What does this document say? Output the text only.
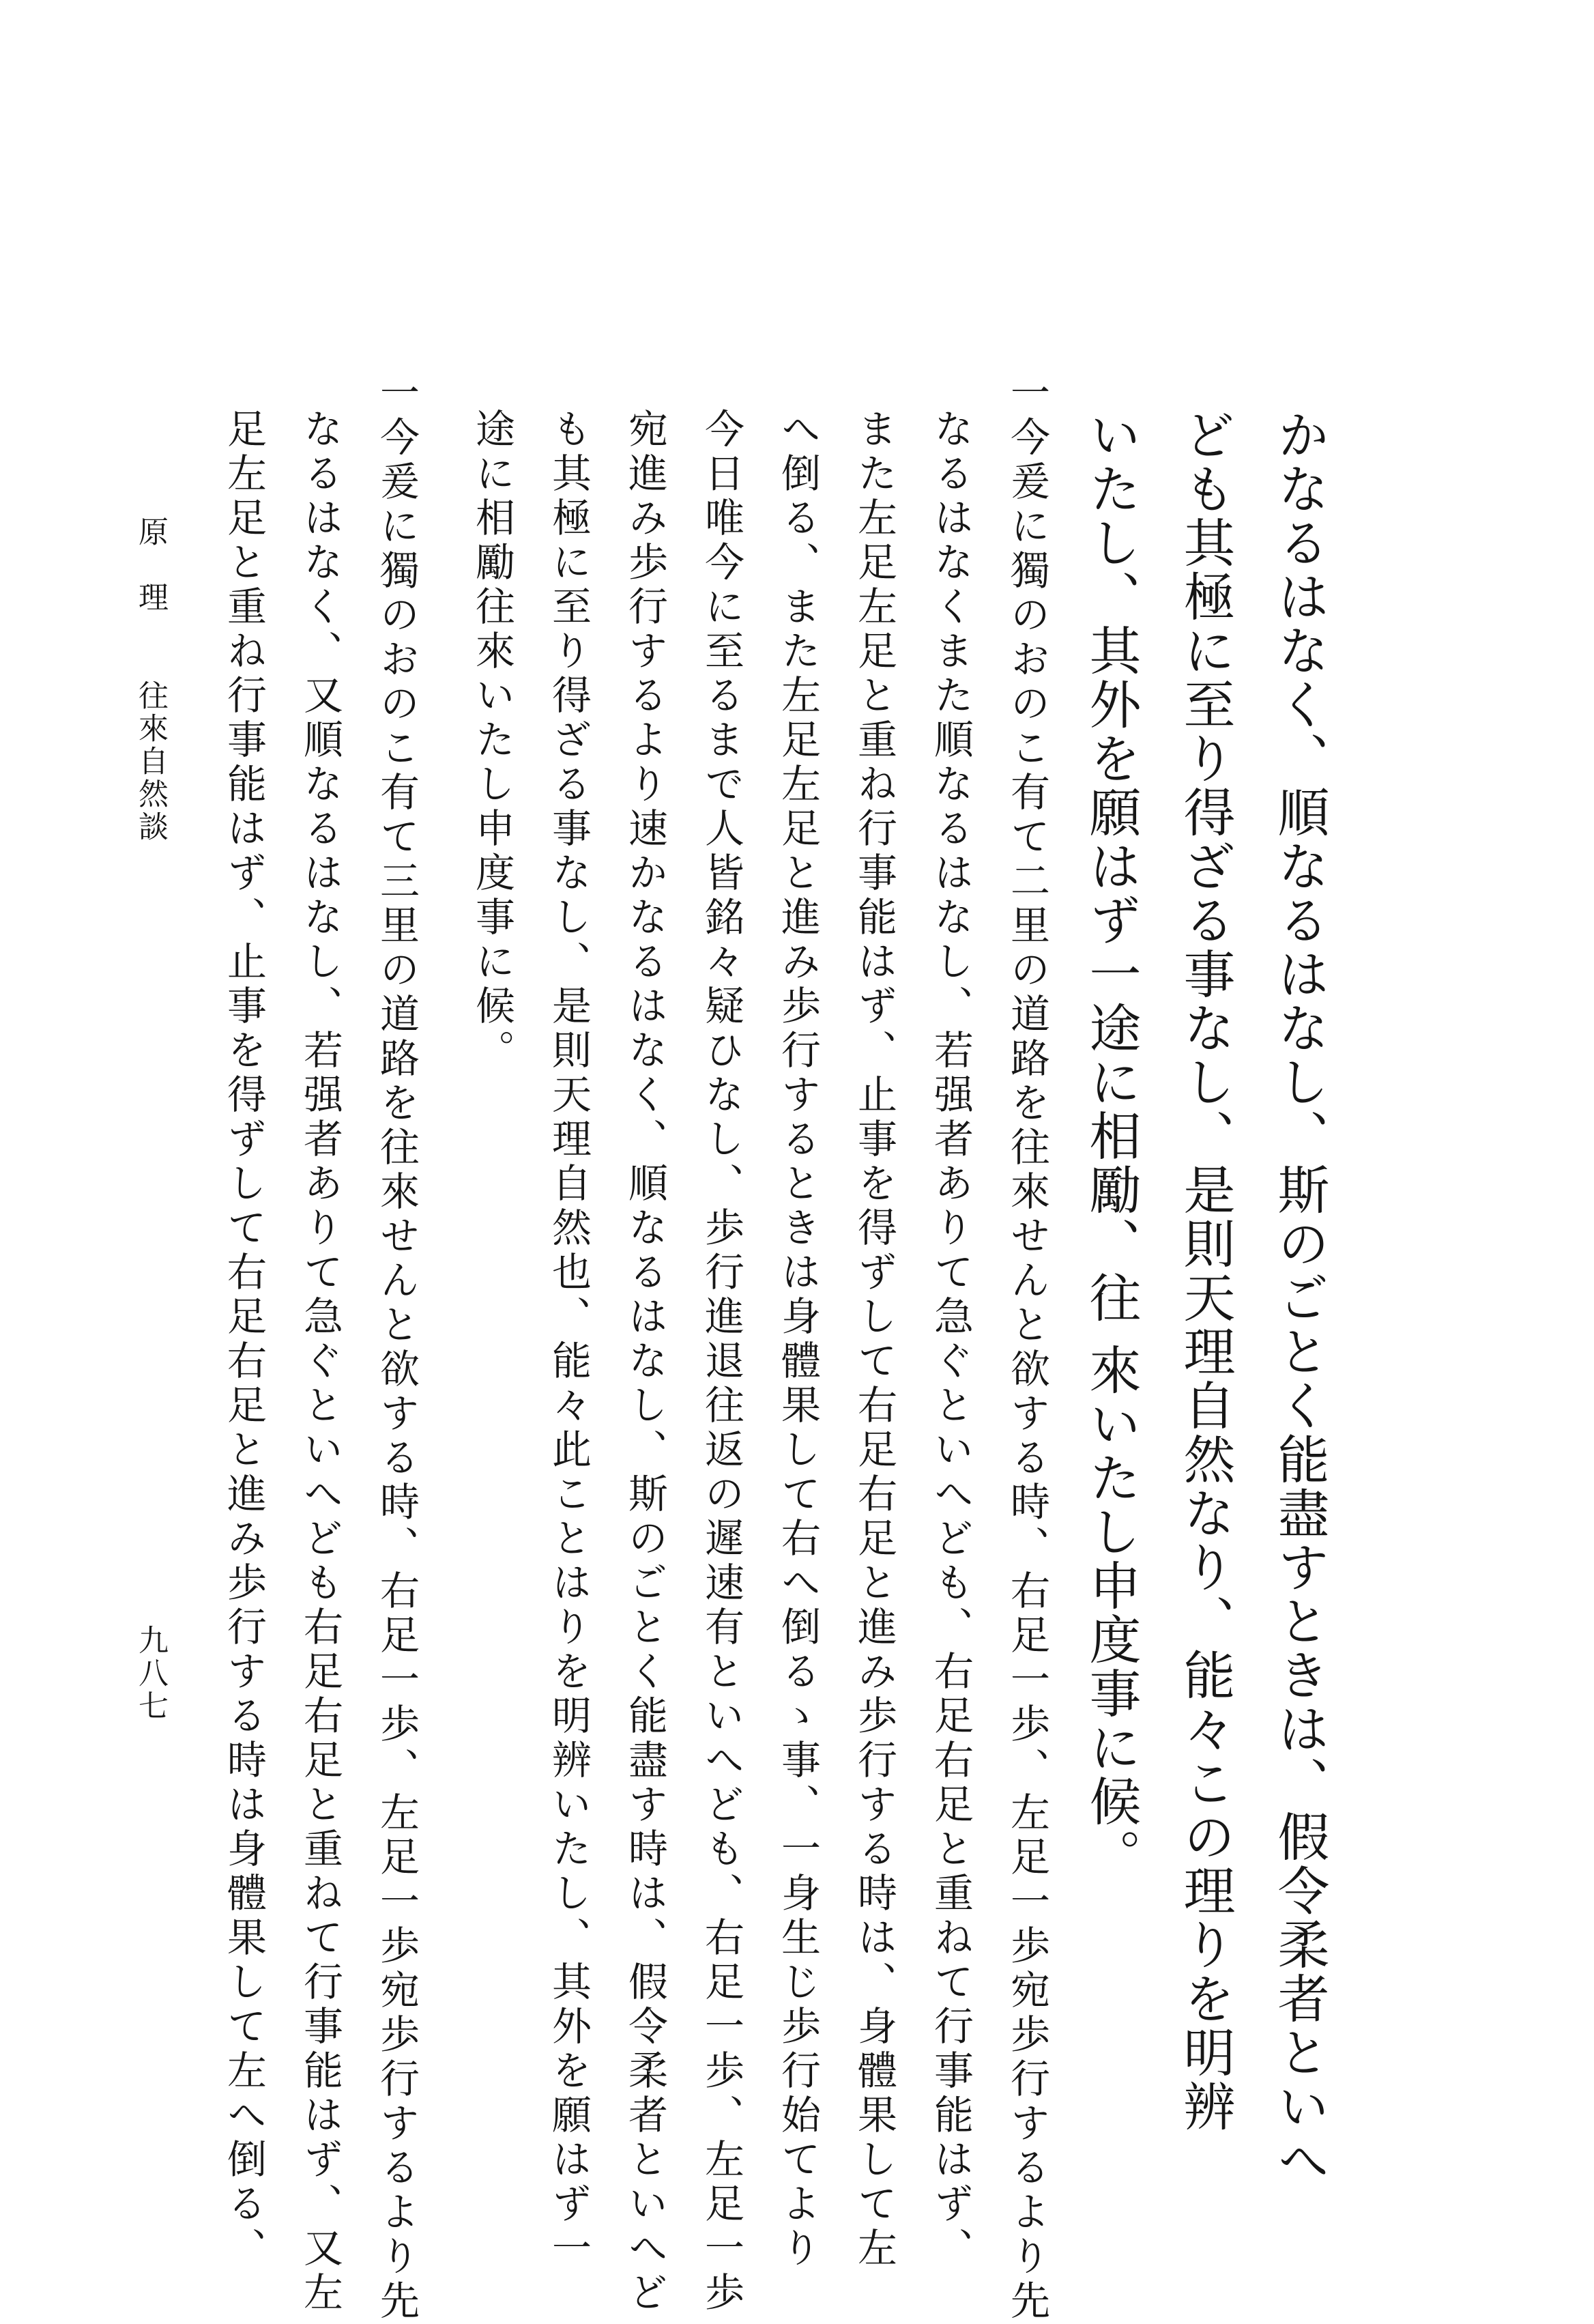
かなるはなく、順なるはなし、斯のごとく能盡すときは、假令柔者といへ
ども其極に至り得ざる事なし、是則天理自然なり、能々この理りを明辨
いたし、其外を願はず一途に相勵、往 來いたし申度事に候。
一今爰に獨のおのこ有て二里の道路を往來せんと欲する時、右足一歩、左足一歩宛歩行するより先
なるはなくまた順なるはなし、若强者ありて急ぐといへども、右足右足と重ねて行事能はず、
また左足左足と重ね行事能はず、止事を得ずして右足右足と進み歩行する時は、身體果して左
へ倒る、また左足左足と進み歩行するときは身體果して右へ倒るゝ事、一身生じ歩行始てより
今日唯今に至るまで人皆銘々疑ひなし、歩行進退往返の遲速有といへども、右足一歩、左足一歩
宛進み歩行するより速かなるはなく、順なるはなし、斯のごとく能盡す時は、假令柔者といへど
も其極に至り得ざる事なし、是則天理自然也、能々此ことはりを明辨いたし、其外を願はず一
途に相勵往來いたし申度事に候。
一今爰に獨のおのこ有て三里の道路を往來せんと欲する時、右足一歩、左足一歩宛歩行するより先
なるはなく、又順なるはなし、若强者ありて急ぐといへども右足右足と重ねて行事能はず、又左
足左足と重ね行事能はず、止事を得ずして右足右足と進み歩行する時は身體果して左へ倒る、
原　理　　往來自然談
九八七
